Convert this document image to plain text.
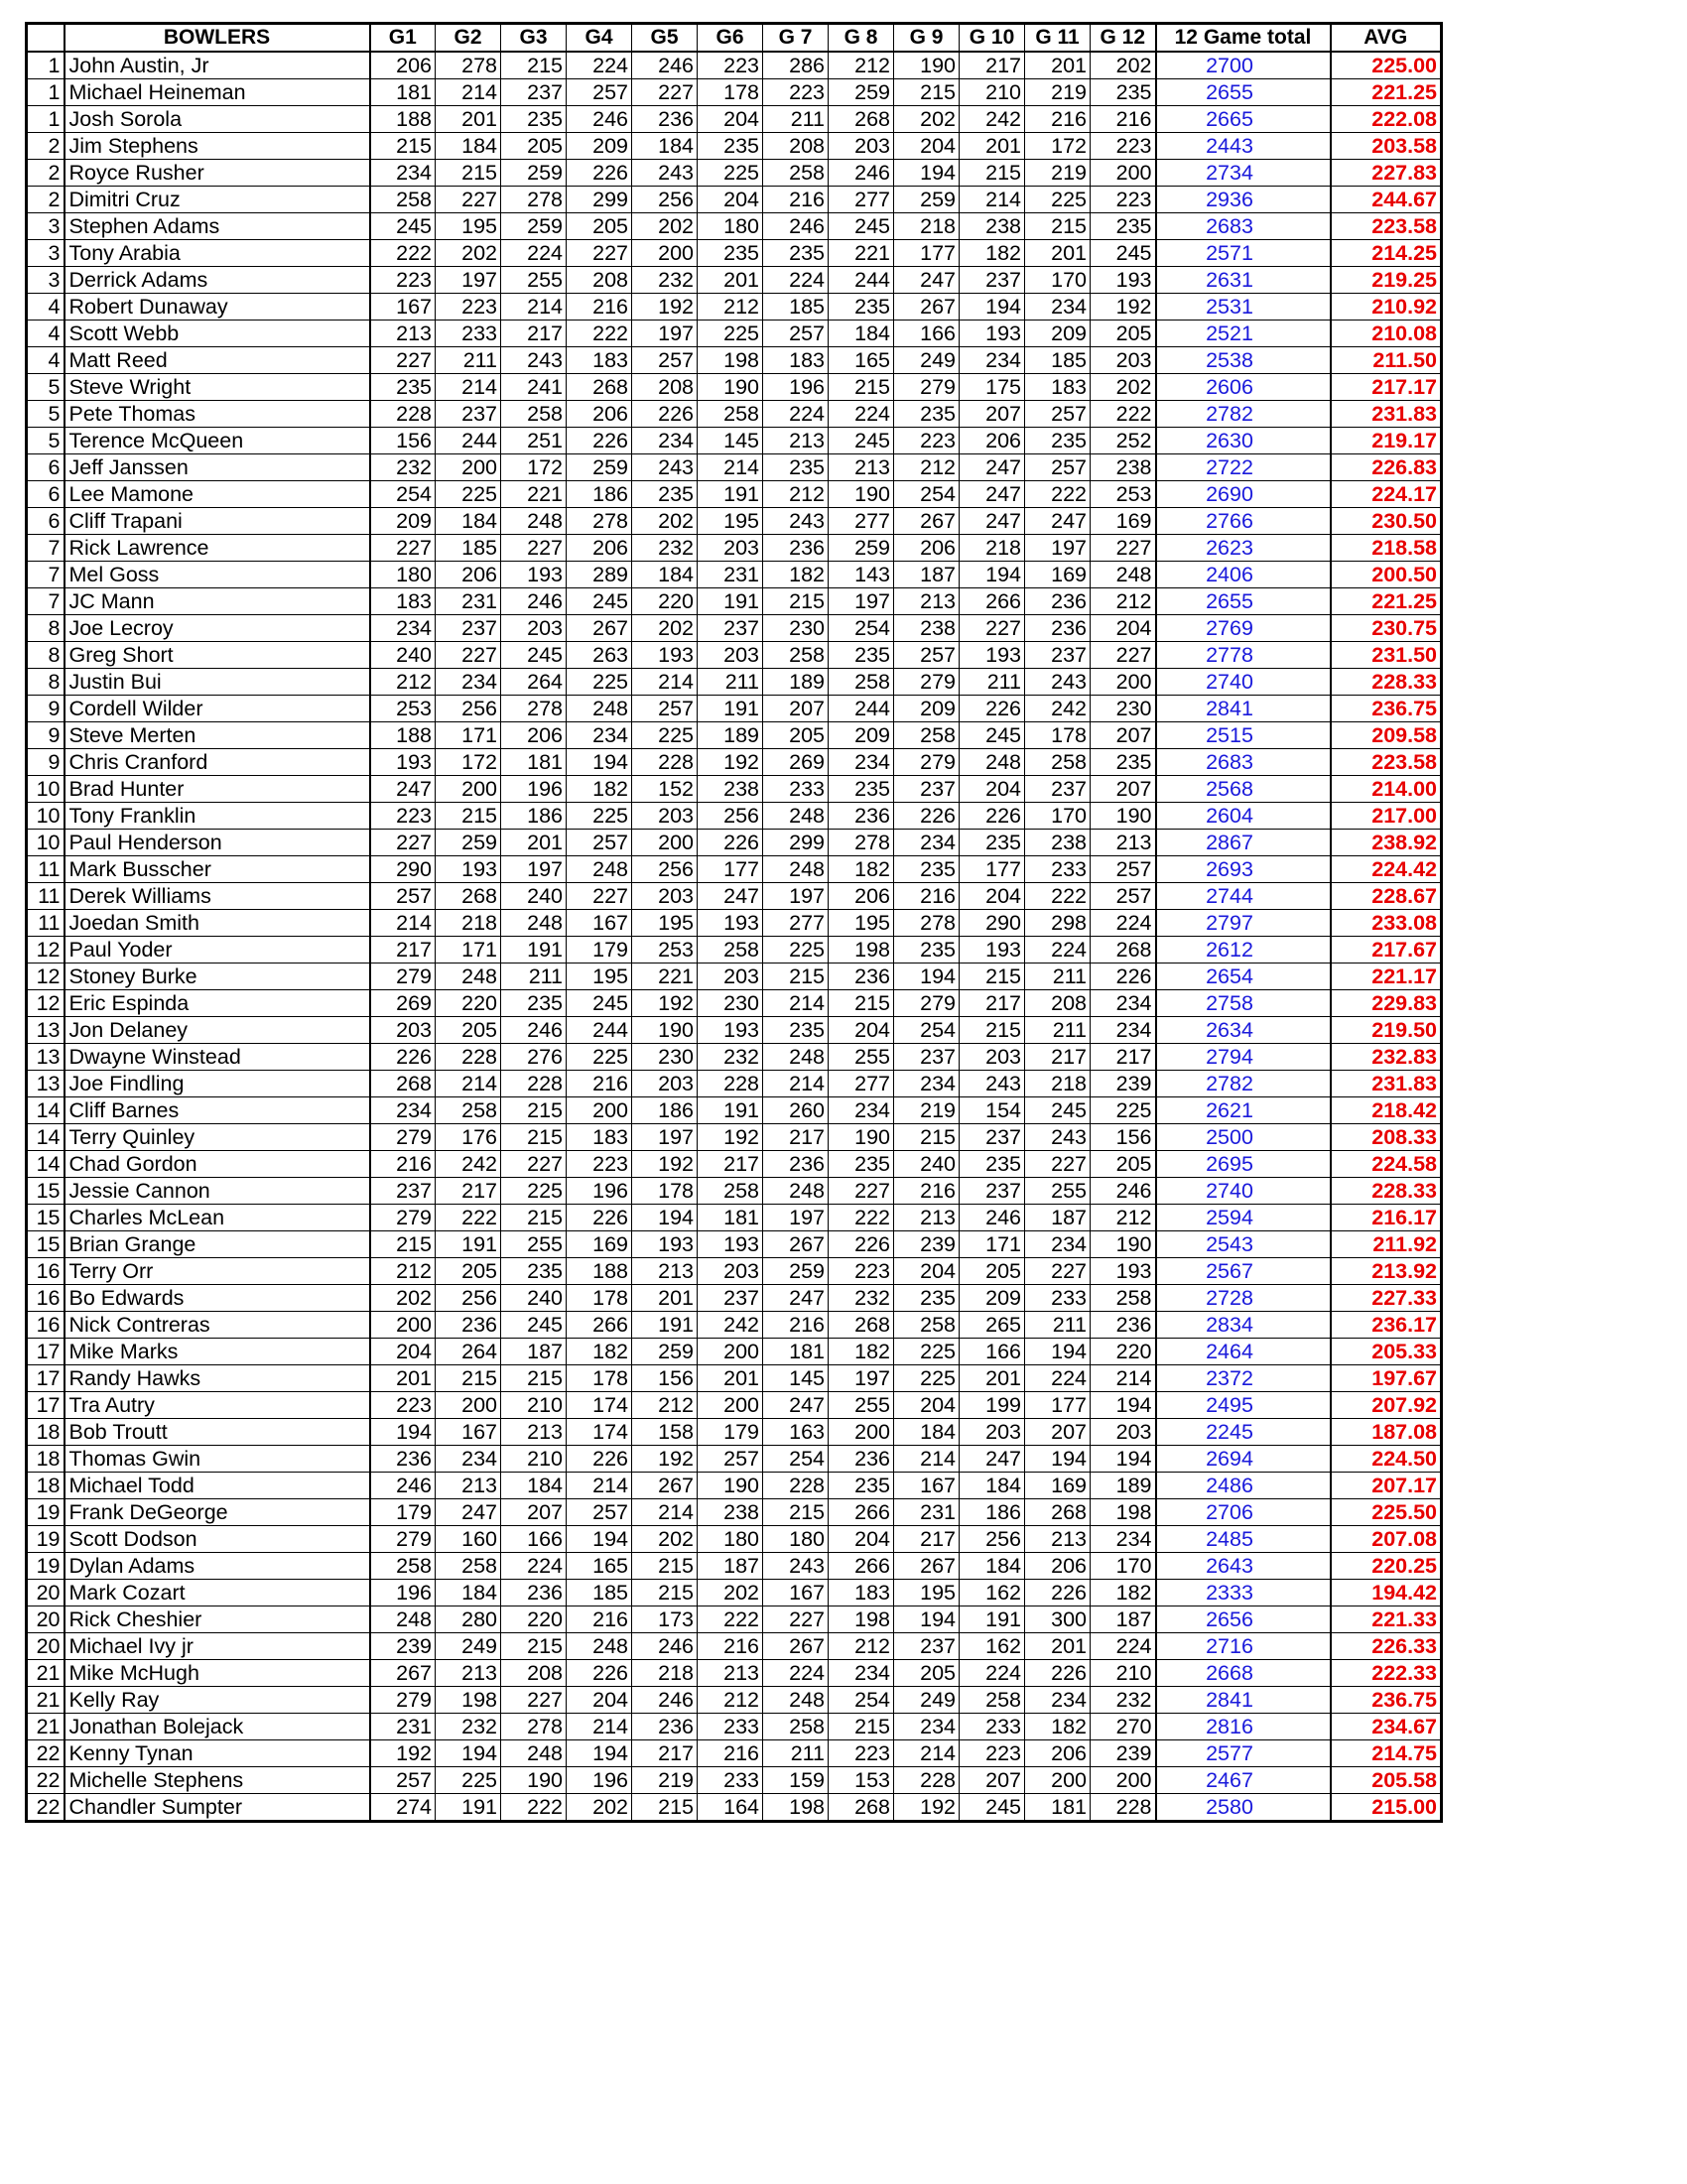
	BOWLERS	G1	G2	G3	G4	G5	G6	G 7	G 8	G 9	G 10	G 11	G 12	12 Game total	AVG
1	John Austin, Jr	206	278	215	224	246	223	286	212	190	217	201	202	2700	225.00
1	Michael Heineman	181	214	237	257	227	178	223	259	215	210	219	235	2655	221.25
1	Josh Sorola	188	201	235	246	236	204	211	268	202	242	216	216	2665	222.08
2	Jim Stephens	215	184	205	209	184	235	208	203	204	201	172	223	2443	203.58
2	Royce Rusher	234	215	259	226	243	225	258	246	194	215	219	200	2734	227.83
2	Dimitri Cruz	258	227	278	299	256	204	216	277	259	214	225	223	2936	244.67
3	Stephen Adams	245	195	259	205	202	180	246	245	218	238	215	235	2683	223.58
3	Tony Arabia	222	202	224	227	200	235	235	221	177	182	201	245	2571	214.25
3	Derrick Adams	223	197	255	208	232	201	224	244	247	237	170	193	2631	219.25
4	Robert Dunaway	167	223	214	216	192	212	185	235	267	194	234	192	2531	210.92
4	Scott Webb	213	233	217	222	197	225	257	184	166	193	209	205	2521	210.08
4	Matt Reed	227	211	243	183	257	198	183	165	249	234	185	203	2538	211.50
5	Steve Wright	235	214	241	268	208	190	196	215	279	175	183	202	2606	217.17
5	Pete Thomas	228	237	258	206	226	258	224	224	235	207	257	222	2782	231.83
5	Terence McQueen	156	244	251	226	234	145	213	245	223	206	235	252	2630	219.17
6	Jeff Janssen	232	200	172	259	243	214	235	213	212	247	257	238	2722	226.83
6	Lee Mamone	254	225	221	186	235	191	212	190	254	247	222	253	2690	224.17
6	Cliff Trapani	209	184	248	278	202	195	243	277	267	247	247	169	2766	230.50
7	Rick Lawrence	227	185	227	206	232	203	236	259	206	218	197	227	2623	218.58
7	Mel Goss	180	206	193	289	184	231	182	143	187	194	169	248	2406	200.50
7	JC Mann	183	231	246	245	220	191	215	197	213	266	236	212	2655	221.25
8	Joe Lecroy	234	237	203	267	202	237	230	254	238	227	236	204	2769	230.75
8	Greg Short	240	227	245	263	193	203	258	235	257	193	237	227	2778	231.50
8	Justin Bui	212	234	264	225	214	211	189	258	279	211	243	200	2740	228.33
9	Cordell Wilder	253	256	278	248	257	191	207	244	209	226	242	230	2841	236.75
9	Steve Merten	188	171	206	234	225	189	205	209	258	245	178	207	2515	209.58
9	Chris Cranford	193	172	181	194	228	192	269	234	279	248	258	235	2683	223.58
10	Brad Hunter	247	200	196	182	152	238	233	235	237	204	237	207	2568	214.00
10	Tony Franklin	223	215	186	225	203	256	248	236	226	226	170	190	2604	217.00
10	Paul Henderson	227	259	201	257	200	226	299	278	234	235	238	213	2867	238.92
11	Mark Busscher	290	193	197	248	256	177	248	182	235	177	233	257	2693	224.42
11	Derek Williams	257	268	240	227	203	247	197	206	216	204	222	257	2744	228.67
11	Joedan Smith	214	218	248	167	195	193	277	195	278	290	298	224	2797	233.08
12	Paul Yoder	217	171	191	179	253	258	225	198	235	193	224	268	2612	217.67
12	Stoney Burke	279	248	211	195	221	203	215	236	194	215	211	226	2654	221.17
12	Eric Espinda	269	220	235	245	192	230	214	215	279	217	208	234	2758	229.83
13	Jon Delaney	203	205	246	244	190	193	235	204	254	215	211	234	2634	219.50
13	Dwayne Winstead	226	228	276	225	230	232	248	255	237	203	217	217	2794	232.83
13	Joe Findling	268	214	228	216	203	228	214	277	234	243	218	239	2782	231.83
14	Cliff Barnes	234	258	215	200	186	191	260	234	219	154	245	225	2621	218.42
14	Terry Quinley	279	176	215	183	197	192	217	190	215	237	243	156	2500	208.33
14	Chad Gordon	216	242	227	223	192	217	236	235	240	235	227	205	2695	224.58
15	Jessie Cannon	237	217	225	196	178	258	248	227	216	237	255	246	2740	228.33
15	Charles McLean	279	222	215	226	194	181	197	222	213	246	187	212	2594	216.17
15	Brian Grange	215	191	255	169	193	193	267	226	239	171	234	190	2543	211.92
16	Terry Orr	212	205	235	188	213	203	259	223	204	205	227	193	2567	213.92
16	Bo Edwards	202	256	240	178	201	237	247	232	235	209	233	258	2728	227.33
16	Nick Contreras	200	236	245	266	191	242	216	268	258	265	211	236	2834	236.17
17	Mike Marks	204	264	187	182	259	200	181	182	225	166	194	220	2464	205.33
17	Randy Hawks	201	215	215	178	156	201	145	197	225	201	224	214	2372	197.67
17	Tra Autry	223	200	210	174	212	200	247	255	204	199	177	194	2495	207.92
18	Bob Troutt	194	167	213	174	158	179	163	200	184	203	207	203	2245	187.08
18	Thomas Gwin	236	234	210	226	192	257	254	236	214	247	194	194	2694	224.50
18	Michael Todd	246	213	184	214	267	190	228	235	167	184	169	189	2486	207.17
19	Frank DeGeorge	179	247	207	257	214	238	215	266	231	186	268	198	2706	225.50
19	Scott Dodson	279	160	166	194	202	180	180	204	217	256	213	234	2485	207.08
19	Dylan Adams	258	258	224	165	215	187	243	266	267	184	206	170	2643	220.25
20	Mark Cozart	196	184	236	185	215	202	167	183	195	162	226	182	2333	194.42
20	Rick Cheshier	248	280	220	216	173	222	227	198	194	191	300	187	2656	221.33
20	Michael Ivy jr	239	249	215	248	246	216	267	212	237	162	201	224	2716	226.33
21	Mike McHugh	267	213	208	226	218	213	224	234	205	224	226	210	2668	222.33
21	Kelly Ray	279	198	227	204	246	212	248	254	249	258	234	232	2841	236.75
21	Jonathan Bolejack	231	232	278	214	236	233	258	215	234	233	182	270	2816	234.67
22	Kenny Tynan	192	194	248	194	217	216	211	223	214	223	206	239	2577	214.75
22	Michelle Stephens	257	225	190	196	219	233	159	153	228	207	200	200	2467	205.58
22	Chandler Sumpter	274	191	222	202	215	164	198	268	192	245	181	228	2580	215.00
